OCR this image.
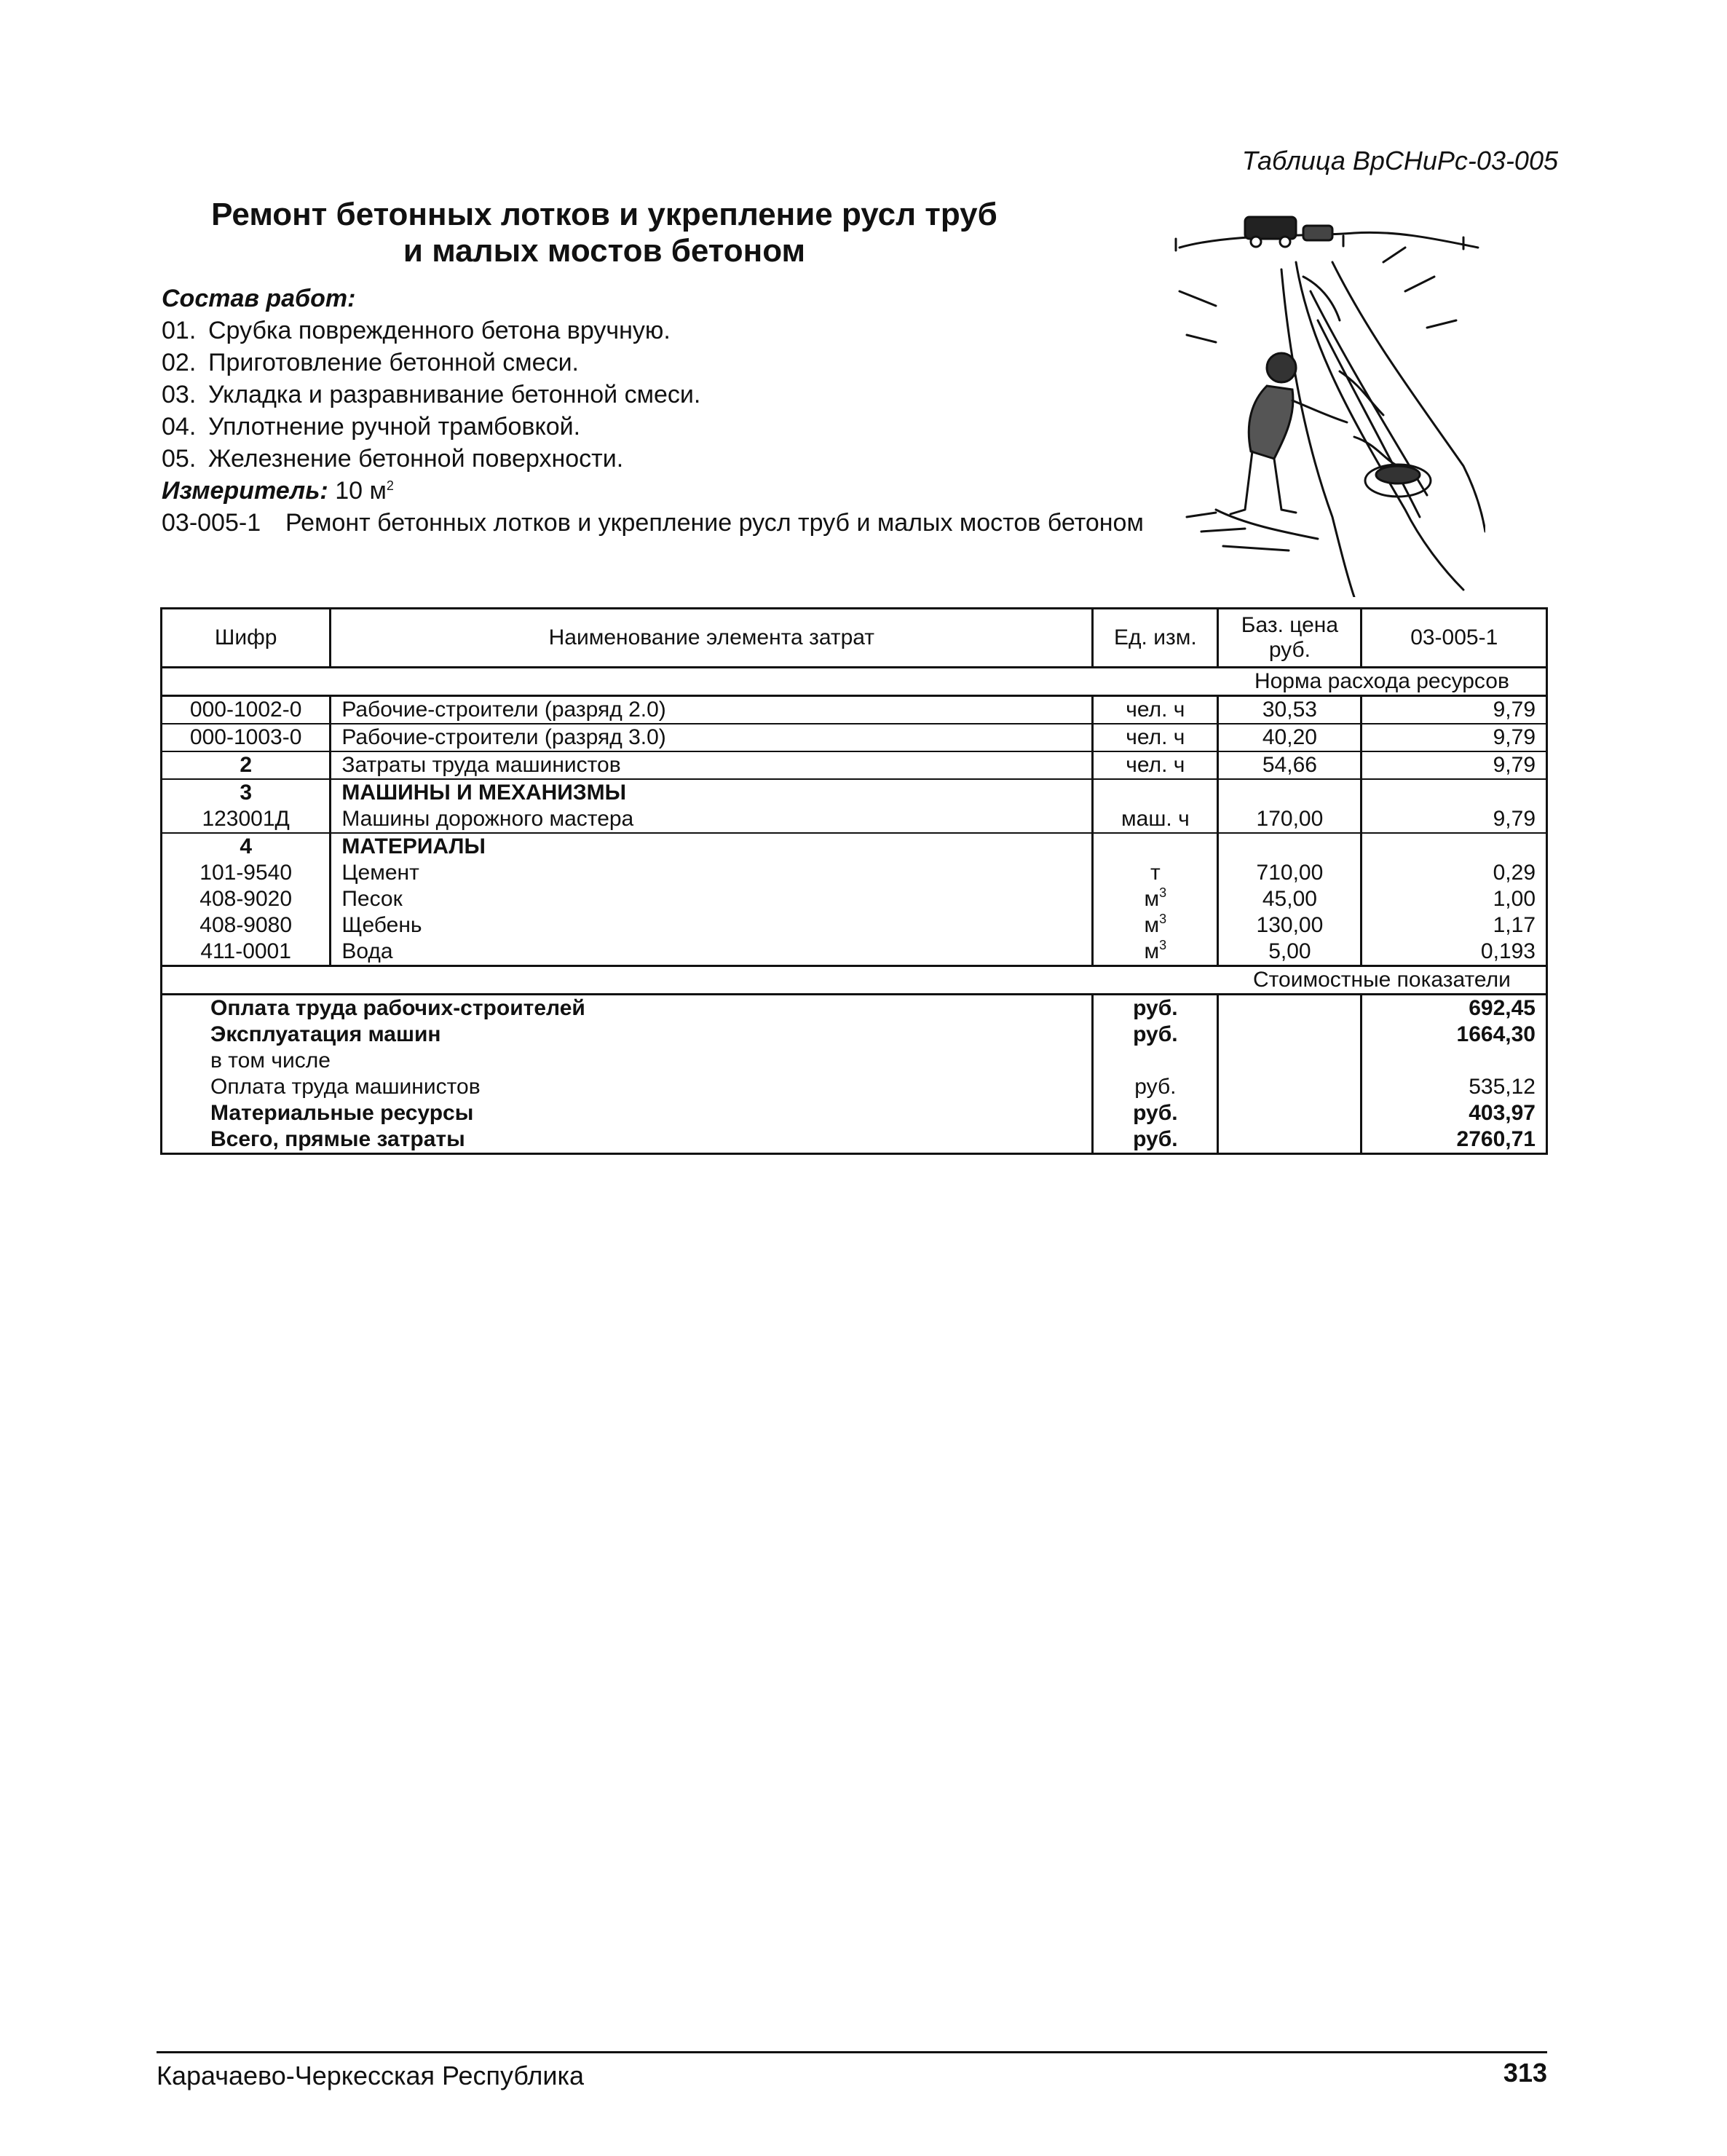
Таблица ВрСНиРс-03-005
Ремонт бетонных лотков и укрепление русл труб
и малых мостов бетоном
Состав работ:
01. Срубка поврежденного бетона вручную.
02. Приготовление бетонной смеси.
03. Укладка и разравнивание бетонной смеси.
04. Уплотнение ручной трамбовкой.
05. Железнение бетонной поверхности.
Измеритель: 10 $м^2$
03-005-1 Ремонт бетонных лотков и укрепление русл труб и малых мостов бетоном
Шифр	Наименование элемента затрат	Ед. изм.	Баз. цена руб.	03-005-1
			Норма расхода ресурсов	
000-1002-0	Рабочие-строители (разряд 2.0)	чел. ч	30,53	9,79
000-1003-0	Рабочие-строители (разряд 3.0)	чел. ч	40,20	9,79
2	Затраты труда машинистов	чел. ч	54,66	9,79
3	МАШИНЫ И МЕХАНИЗМЫ			
123001Д	Машины дорожного мастера	маш. ч	170,00	9,79
4	МАТЕРИАЛЫ			
101-9540	Цемент	т	710,00	0,29
408-9020	Песок	$м^3$	45,00	1,00
408-9080	Щебень	$м^3$	130,00	1,17
411-0001	Вода	$м^3$	5,00	0,193
			Стоимостные показатели	
Оплата труда рабочих-строителей		руб.		692,45
Эксплуатация машин		руб.		1664,30
в том числе				
Оплата труда машинистов		руб.		535,12
Материальные ресурсы		руб.		403,97
Всего, прямые затраты		руб.		2760,71
Карачаево-Черкесская Республика	313
